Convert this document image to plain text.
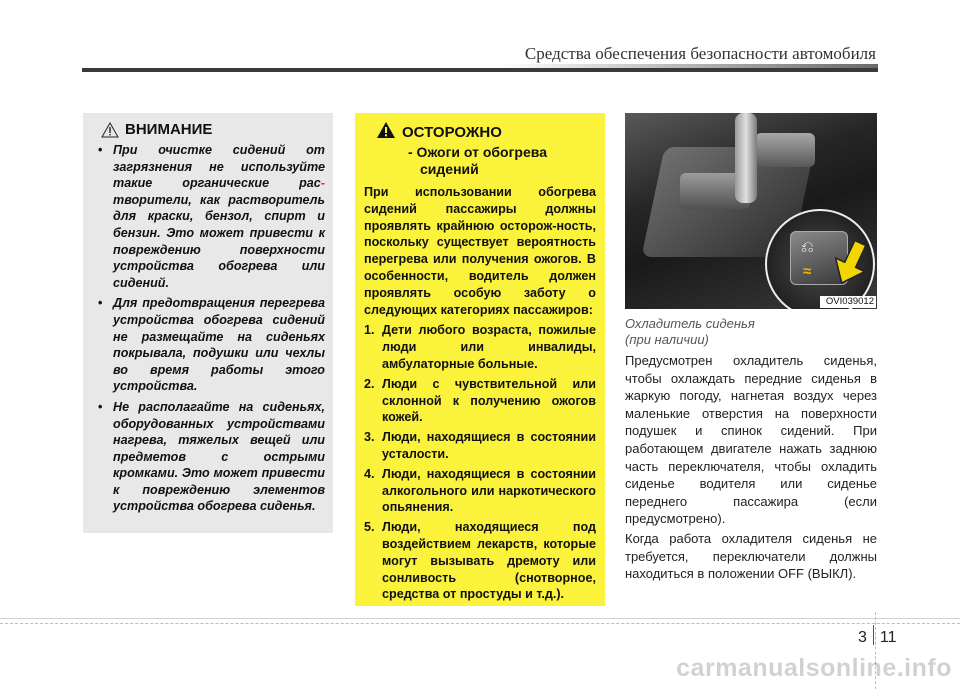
Средства обеспечения безопасности автомобиля
ВНИМАНИЕ
• При очистке сидений от загрязнения не используйте такие органические рас- творители, как растворитель для краски, бензол, спирт и бензин. Это может привести к повреждению поверхности устройства обогрева или сидений.
• Для предотвращения перегрева устройства обогрева сидений не размещайте на сиденьях покрывала, подушки или чехлы во время работы этого устройства.
• Не располагайте на сиденьях, оборудованных устройствами нагрева, тяжелых вещей или предметов с острыми кромками. Это может привести к повреждению элементов устройства обогрева сиденья.
ОСТОРОЖНО
- Ожоги от обогрева сидений
При использовании обогрева сидений пассажиры должны проявлять крайнюю осторож-ность, поскольку существует вероятность перегрева или получения ожогов. В особенности, водитель должен проявлять особую заботу о следующих категориях пассажиров:
1. Дети любого возраста, пожилые люди или инвалиды, амбулаторные больные.
2. Люди с чувствительной или склонной к получению ожогов кожей.
3. Люди, находящиеся в состоянии усталости.
4. Люди, находящиеся в состоянии алкогольного или наркотического опьянения.
5. Люди, находящиеся под воздействием лекарств, которые могут вызывать дремоту или сонливость (снотворное, средства от простуды и т.д.).
⎌
≈
OVI039012
Охладитель сиденья
(при наличии)

Предусмотрен охладитель сиденья, чтобы охлаждать передние сиденья в жаркую погоду, нагнетая воздух через маленькие отверстия на поверхности подушек и спинок сидений. При работающем двигателе нажать заднюю часть переключателя, чтобы охладить сиденье водителя или сиденье переднего пассажира (если предусмотрено).

Когда работа охладителя сиденья не требуется, переключатели должны находиться в положении OFF (ВЫКЛ).

3 11
carmanualsonline.info
